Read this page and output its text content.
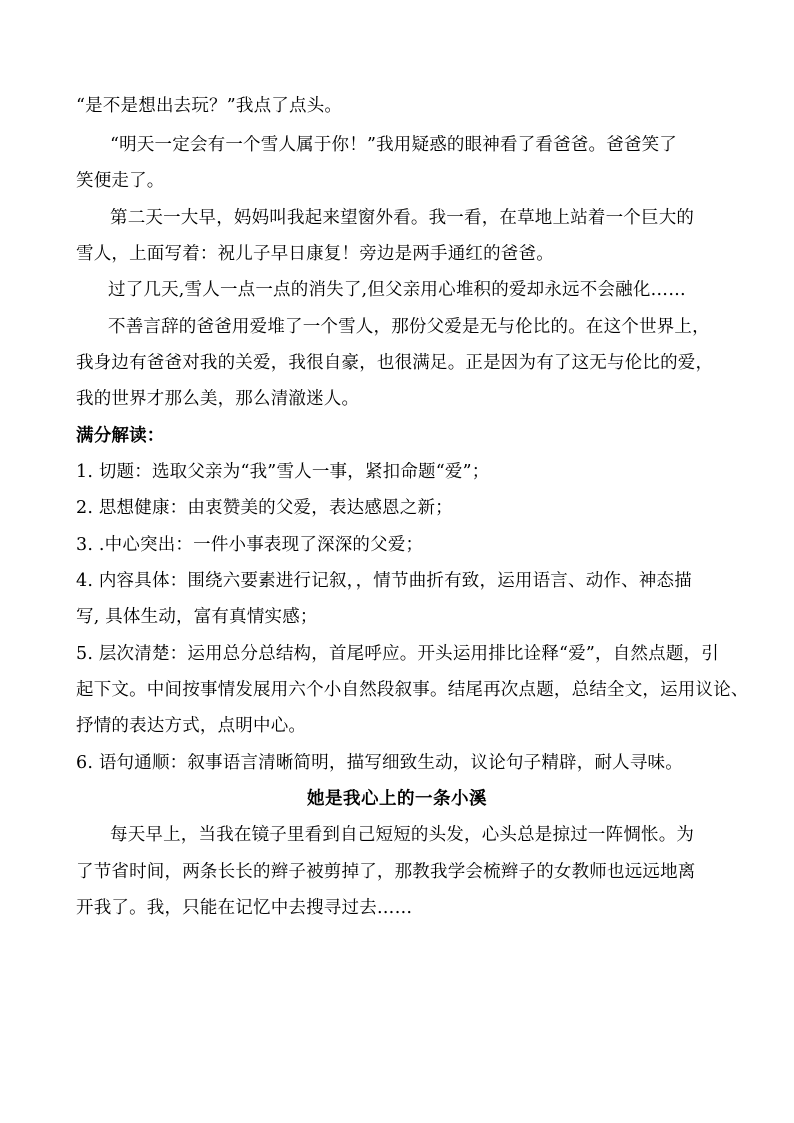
“是不是想出去玩？”我点了点头。
“明天一定会有一个雪人属于你！”我用疑惑的眼神看了看爸爸。爸爸笑了
笑便走了。
第二天一大早，妈妈叫我起来望窗外看。我一看，在草地上站着一个巨大的
雪人，上面写着：祝儿子早日康复！旁边是两手通红的爸爸。
过了几天,雪人一点一点的消失了,但父亲用心堆积的爱却永远不会融化……
不善言辞的爸爸用爱堆了一个雪人，那份父爱是无与伦比的。在这个世界上，
我身边有爸爸对我的关爱，我很自豪，也很满足。正是因为有了这无与伦比的爱，
我的世界才那么美，那么清澈迷人。
满分解读：
1. 切题：选取父亲为“我”雪人一事，紧扣命题“爱”；
2. 思想健康：由衷赞美的父爱，表达感恩之新；
3. .中心突出：一件小事表现了深深的父爱；
4. 内容具体：围绕六要素进行记叙，，情节曲折有致，运用语言、动作、神态描
写, 具体生动，富有真情实感；
5. 层次清楚：运用总分总结构，首尾呼应。开头运用排比诠释“爱”，自然点题，引
起下文。中间按事情发展用六个小自然段叙事。结尾再次点题，总结全文，运用议论、
抒情的表达方式，点明中心。
6. 语句通顺：叙事语言清晰简明，描写细致生动，议论句子精辟，耐人寻味。
她是我心上的一条小溪
每天早上，当我在镜子里看到自己短短的头发，心头总是掠过一阵惆怅。为
了节省时间，两条长长的辫子被剪掉了，那教我学会梳辫子的女教师也远远地离
开我了。我，只能在记忆中去搜寻过去……
